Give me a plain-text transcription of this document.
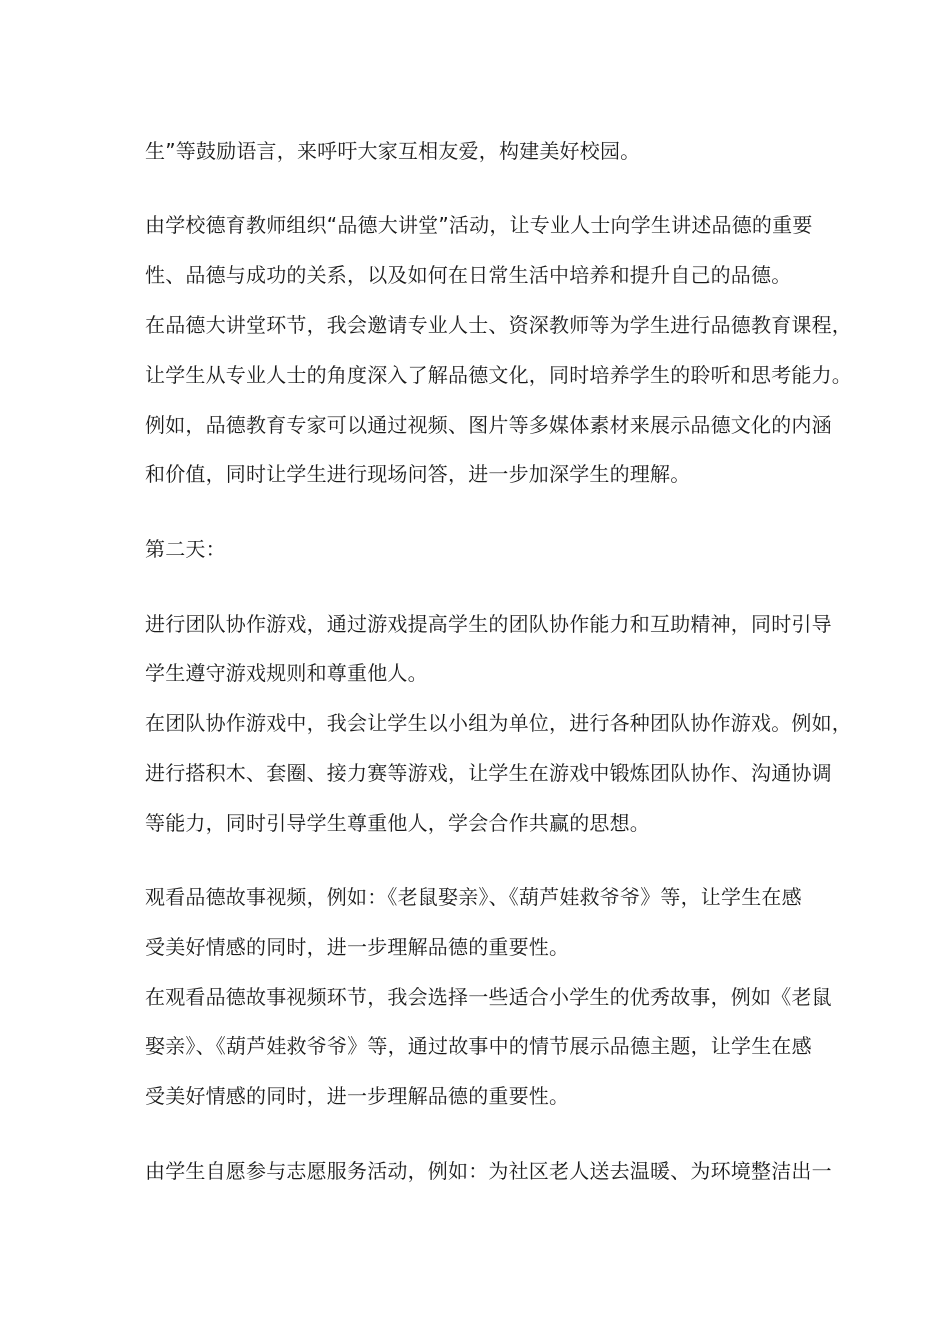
生”等鼓励语言，来呼吁大家互相友爱，构建美好校园。
由学校德育教师组织“品德大讲堂”活动，让专业人士向学生讲述品德的重要
性、品德与成功的关系，以及如何在日常生活中培养和提升自己的品德。
在品德大讲堂环节，我会邀请专业人士、资深教师等为学生进行品德教育课程，
让学生从专业人士的角度深入了解品德文化，同时培养学生的聆听和思考能力。
例如，品德教育专家可以通过视频、图片等多媒体素材来展示品德文化的内涵
和价值，同时让学生进行现场问答，进一步加深学生的理解。
第二天：
进行团队协作游戏，通过游戏提高学生的团队协作能力和互助精神，同时引导
学生遵守游戏规则和尊重他人。
在团队协作游戏中，我会让学生以小组为单位，进行各种团队协作游戏。例如，
进行搭积木、套圈、接力赛等游戏，让学生在游戏中锻炼团队协作、沟通协调
等能力，同时引导学生尊重他人，学会合作共赢的思想。
观看品德故事视频，例如：《老鼠娶亲》、《葫芦娃救爷爷》等，让学生在感
受美好情感的同时，进一步理解品德的重要性。
在观看品德故事视频环节，我会选择一些适合小学生的优秀故事，例如《老鼠
娶亲》、《葫芦娃救爷爷》等，通过故事中的情节展示品德主题，让学生在感
受美好情感的同时，进一步理解品德的重要性。
由学生自愿参与志愿服务活动，例如：为社区老人送去温暖、为环境整洁出一
